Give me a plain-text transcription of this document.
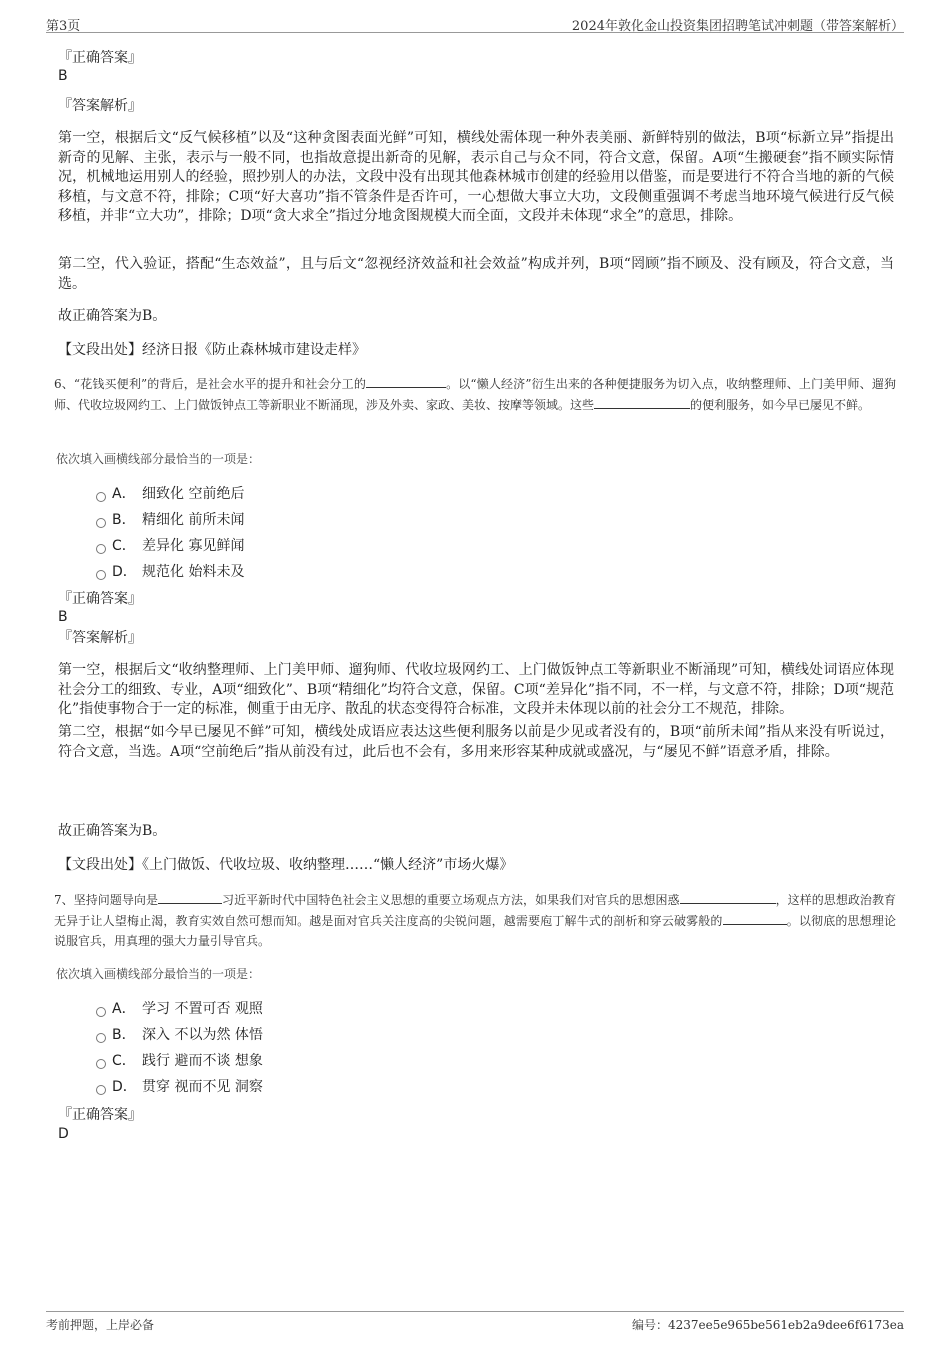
第3页	2024年敦化金山投资集团招聘笔试冲刺题（带答案解析）
『正确答案』
B
『答案解析』
第一空，根据后文“反气候移植”以及“这种贪图表面光鲜”可知，横线处需体现一种外表美丽、新鲜特别的做法，B项“标新立异”指提出新奇的见解、主张，表示与一般不同，也指故意提出新奇的见解，表示自己与众不同，符合文意，保留。A项“生搬硬套”指不顾实际情况，机械地运用别人的经验，照抄别人的办法，文段中没有出现其他森林城市创建的经验用以借鉴，而是要进行不符合当地的新的气候移植，与文意不符，排除；C项“好大喜功”指不管条件是否许可，一心想做大事立大功，文段侧重强调不考虑当地环境气候进行反气候移植，并非“立大功”，排除；D项“贪大求全”指过分地贪图规模大而全面，文段并未体现“求全”的意思，排除。
第二空，代入验证，搭配“生态效益”，且与后文“忽视经济效益和社会效益”构成并列，B项“罔顾”指不顾及、没有顾及，符合文意，当选。
故正确答案为B。
【文段出处】经济日报《防止森林城市建设走样》
6、“花钱买便利”的背后，是社会水平的提升和社会分工的	。以“懒人经济”衍生出来的各种便捷服务为切入点，收纳整理师、上门美甲师、遛狗师、代收垃圾网约工、上门做饭钟点工等新职业不断涌现，涉及外卖、家政、美妆、按摩等领域。这些	的便利服务，如今早已屡见不鲜。
依次填入画横线部分最恰当的一项是：
A． 细致化 空前绝后
B． 精细化 前所未闻
C． 差异化 寡见鲜闻
D． 规范化 始料未及
『正确答案』
B
『答案解析』
第一空，根据后文“收纳整理师、上门美甲师、遛狗师、代收垃圾网约工、上门做饭钟点工等新职业不断涌现”可知，横线处词语应体现社会分工的细致、专业，A项“细致化”、B项“精细化”均符合文意，保留。C项“差异化”指不同，不一样，与文意不符，排除；D项“规范化”指使事物合于一定的标准，侧重于由无序、散乱的状态变得符合标准，文段并未体现以前的社会分工不规范，排除。
第二空，根据“如今早已屡见不鲜”可知，横线处成语应表达这些便利服务以前是少见或者没有的，B项“前所未闻”指从来没有听说过，符合文意，当选。A项“空前绝后”指从前没有过，此后也不会有，多用来形容某种成就或盛况，与“屡见不鲜”语意矛盾，排除。
故正确答案为B。
【文段出处】《上门做饭、代收垃圾、收纳整理……“懒人经济”市场火爆》
7、坚持问题导向是	习近平新时代中国特色社会主义思想的重要立场观点方法，如果我们对官兵的思想困惑	，这样的思想政治教育无异于让人望梅止渴，教育实效自然可想而知。越是面对官兵关注度高的尖锐问题，越需要庖丁解牛式的剖析和穿云破雾般的	。以彻底的思想理论说服官兵，用真理的强大力量引导官兵。
依次填入画横线部分最恰当的一项是：
A． 学习 不置可否 观照
B． 深入 不以为然 体悟
C． 践行 避而不谈 想象
D． 贯穿 视而不见 洞察
『正确答案』
D
考前押题，上岸必备	编号：4237ee5e965be561eb2a9dee6f6173ea
